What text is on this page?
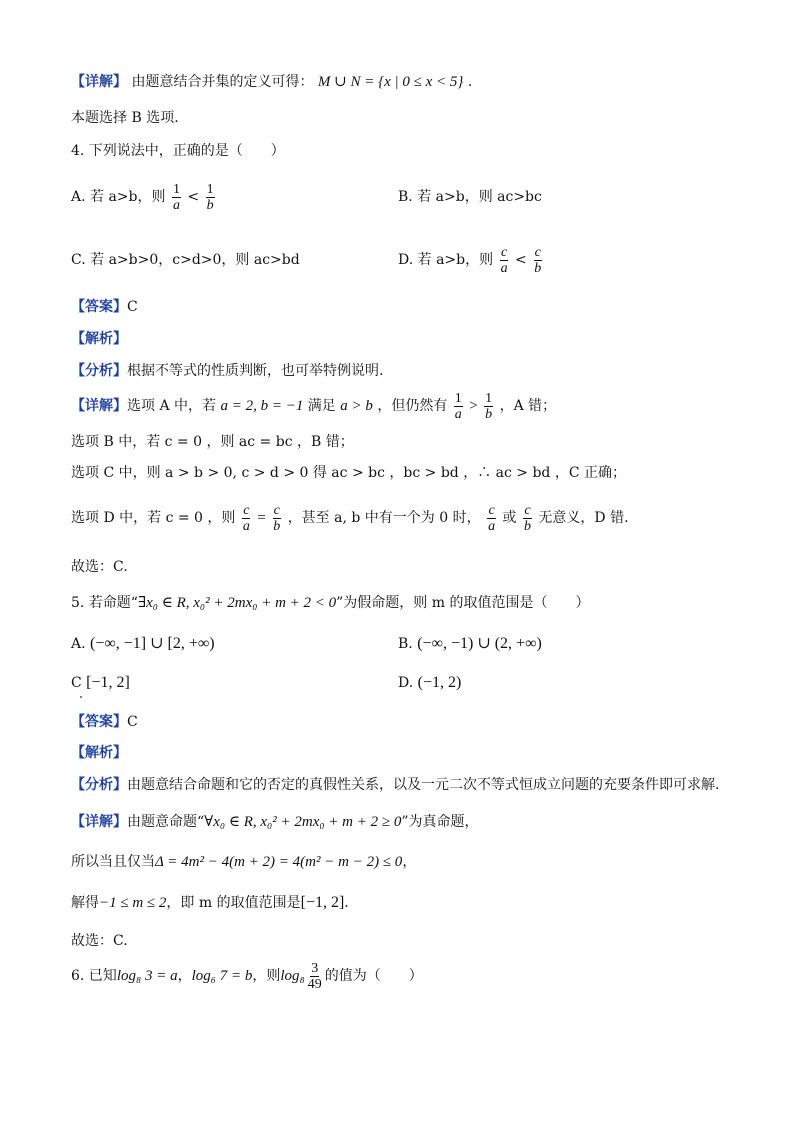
【详解】 由题意结合并集的定义可得： M ∪ N = {x | 0 ≤ x < 5} .
本题选择 B 选项.
4. 下列说法中，正确的是（　　）
A. 若 a>b，则 $\frac{1}{a} < \frac{1}{b}$	B. 若 a>b，则 ac>bc
C. 若 a>b>0，c>d>0，则 ac>bd	D. 若 a>b，则 $\frac{c}{a} < \frac{c}{b}$
【答案】C
【解析】
【分析】根据不等式的性质判断，也可举特例说明.
【详解】选项 A 中，若 a = 2, b = −1 满足 a > b ，但仍然有 $\frac{1}{a} > \frac{1}{b}$ ，A 错；
选项 B 中，若 c = 0 ，则 ac = bc ，B 错；
选项 C 中，则 a > b > 0, c > d > 0 得 ac > bc ，bc > bd ，∴ ac > bd ，C 正确；
选项 D 中，若 c = 0 ，则 $\frac{c}{a} = \frac{c}{b}$ ，甚至 a, b 中有一个为 0 时， $\frac{c}{a}$ 或 $\frac{c}{b}$ 无意义，D 错.
故选：C.
5. 若命题“∃x₀ ∈ R, x₀² + 2mx₀ + m + 2 < 0”为假命题，则 m 的取值范围是（　　）
A. (−∞, −1] ∪ [2, +∞)	B. (−∞, −1) ∪ (2, +∞)
C [−1, 2]	D. (−1, 2)
【答案】C
【解析】
【分析】由题意结合命题和它的否定的真假性关系，以及一元二次不等式恒成立问题的充要条件即可求解.
【详解】由题意命题“∀x₀ ∈ R, x₀² + 2mx₀ + m + 2 ≥ 0”为真命题，
所以当且仅当Δ = 4m² − 4(m + 2) = 4(m² − m − 2) ≤ 0，
解得−1 ≤ m ≤ 2，即 m 的取值范围是[−1, 2].
故选：C.
6. 已知log₈ 3 = a，log₆ 7 = b，则$\log_8 \frac{3}{49}$ 的值为（　　）
